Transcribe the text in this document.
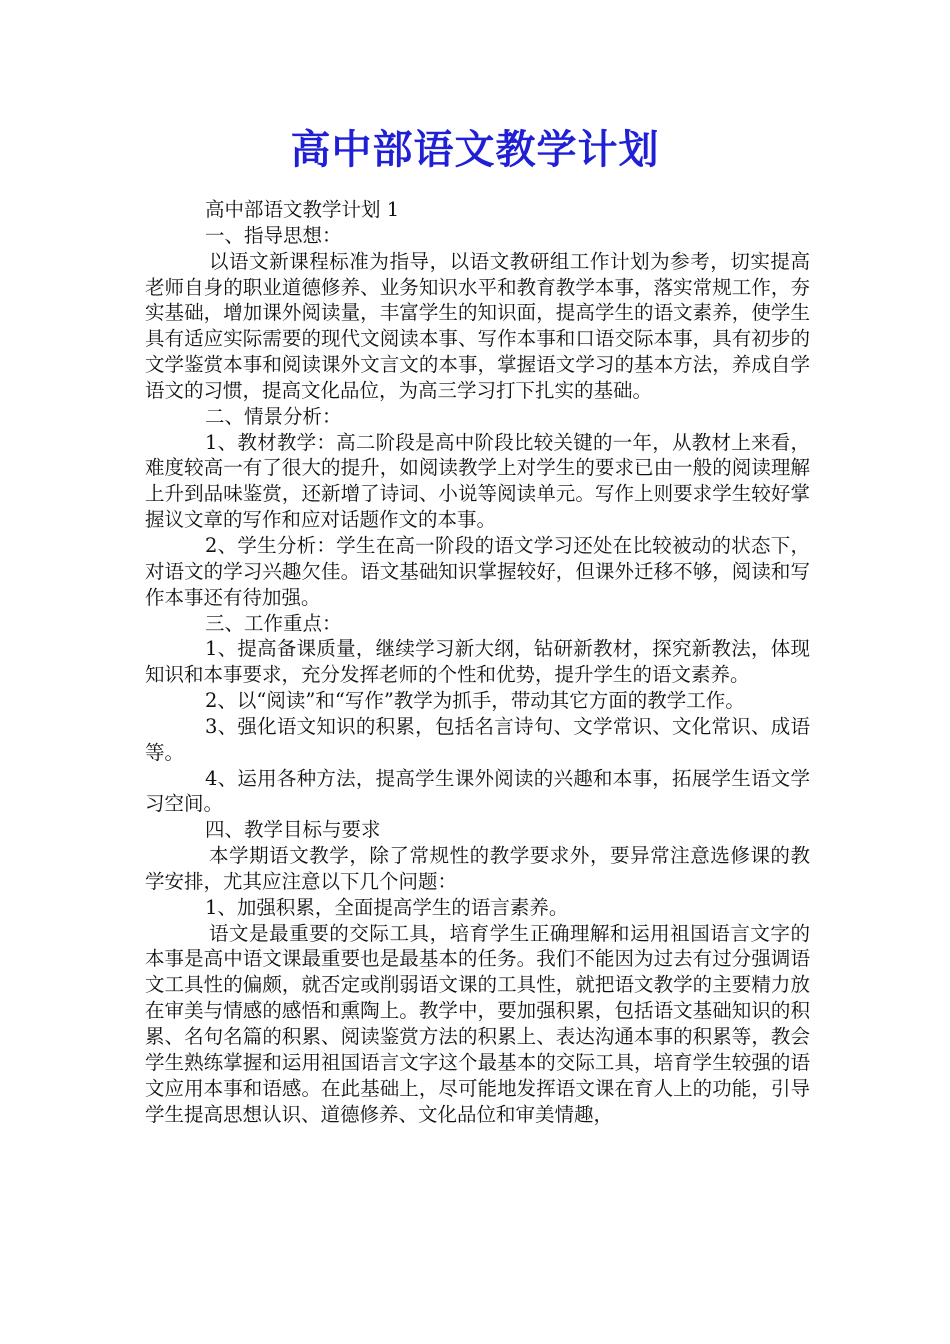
高中部语文教学计划

高中部语文教学计划 1

一、指导思想：

以语文新课程标准为指导，以语文教研组工作计划为参考，切实提高老师自身的职业道德修养、业务知识水平和教育教学本事，落实常规工作，夯实基础，增加课外阅读量，丰富学生的知识面，提高学生的语文素养，使学生具有适应实际需要的现代文阅读本事、写作本事和口语交际本事，具有初步的文学鉴赏本事和阅读课外文言文的本事，掌握语文学习的基本方法，养成自学语文的习惯，提高文化品位，为高三学习打下扎实的基础。

二、情景分析：

1、教材教学：高二阶段是高中阶段比较关键的一年，从教材上来看，难度较高一有了很大的提升，如阅读教学上对学生的要求已由一般的阅读理解上升到品味鉴赏，还新增了诗词、小说等阅读单元。写作上则要求学生较好掌握议文章的写作和应对话题作文的本事。

2、学生分析：学生在高一阶段的语文学习还处在比较被动的状态下，对语文的学习兴趣欠佳。语文基础知识掌握较好，但课外迁移不够，阅读和写作本事还有待加强。

三、工作重点：

1、提高备课质量，继续学习新大纲，钻研新教材，探究新教法，体现知识和本事要求，充分发挥老师的个性和优势，提升学生的语文素养。

2、以“阅读”和“写作”教学为抓手，带动其它方面的教学工作。

3、强化语文知识的积累，包括名言诗句、文学常识、文化常识、成语等。

4、运用各种方法，提高学生课外阅读的兴趣和本事，拓展学生语文学习空间。

四、教学目标与要求

本学期语文教学，除了常规性的教学要求外，要异常注意选修课的教学安排，尤其应注意以下几个问题：

1、加强积累，全面提高学生的语言素养。

语文是最重要的交际工具，培育学生正确理解和运用祖国语言文字的本事是高中语文课最重要也是最基本的任务。我们不能因为过去有过分强调语文工具性的偏颇，就否定或削弱语文课的工具性，就把语文教学的主要精力放在审美与情感的感悟和熏陶上。教学中，要加强积累，包括语文基础知识的积累、名句名篇的积累、阅读鉴赏方法的积累上、表达沟通本事的积累等，教会学生熟练掌握和运用祖国语言文字这个最基本的交际工具，培育学生较强的语文应用本事和语感。在此基础上，尽可能地发挥语文课在育人上的功能，引导学生提高思想认识、道德修养、文化品位和审美情趣，
